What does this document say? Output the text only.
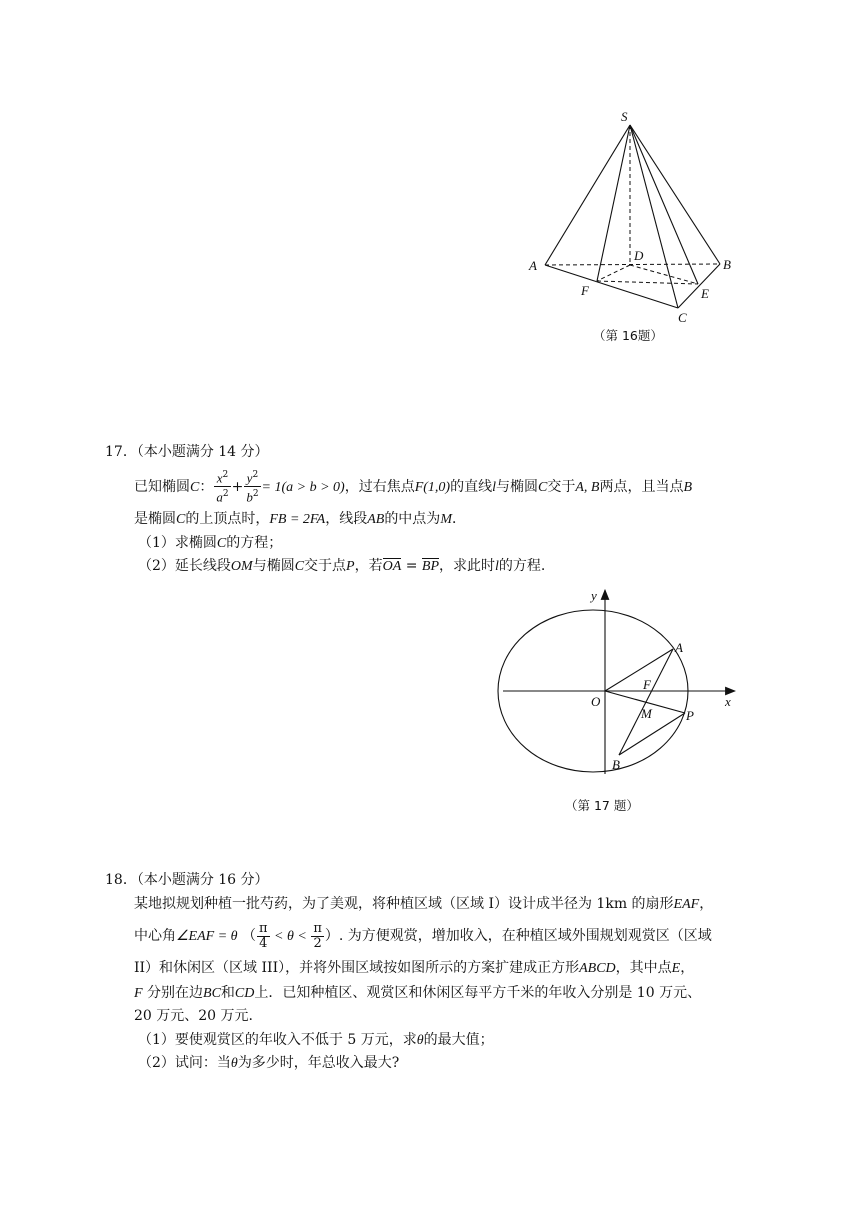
S
A	B
D
F	E
C
（第 16题）
17．（本小题满分 14 分）
已知椭圆C： $\frac{x^2}{a^2} + \frac{y^2}{b^2} = 1(a > b > 0)$，过右焦点F(1,0)的直线l与椭圆C交于A, B两点，且当点B
是椭圆C的上顶点时，FB = 2FA，线段AB的中点为M．
（1）求椭圆C的方程；
（2）延长线段OM与椭圆C交于点P，若OA = BP，求此时l的方程.
y
x
O
A
F
M	P
B
（第 17 题）
18．（本小题满分 16 分）
某地拟规划种植一批芍药，为了美观，将种植区域（区域 I）设计成半径为 1km 的扇形EAF，
中心角∠EAF = θ （ $\frac{\pi}{4} < \theta < \frac{\pi}{2}$ ）. 为方便观赏，增加收入，在种植区域外围规划观赏区（区域
II）和休闲区（区域 III），并将外围区域按如图所示的方案扩建成正方形ABCD，其中点E，
F 分别在边BC和CD上．已知种植区、观赏区和休闲区每平方千米的年收入分别是 10 万元、
20 万元、20 万元.
（1）要使观赏区的年收入不低于 5 万元，求θ的最大值；
（2）试问：当θ为多少时，年总收入最大?
